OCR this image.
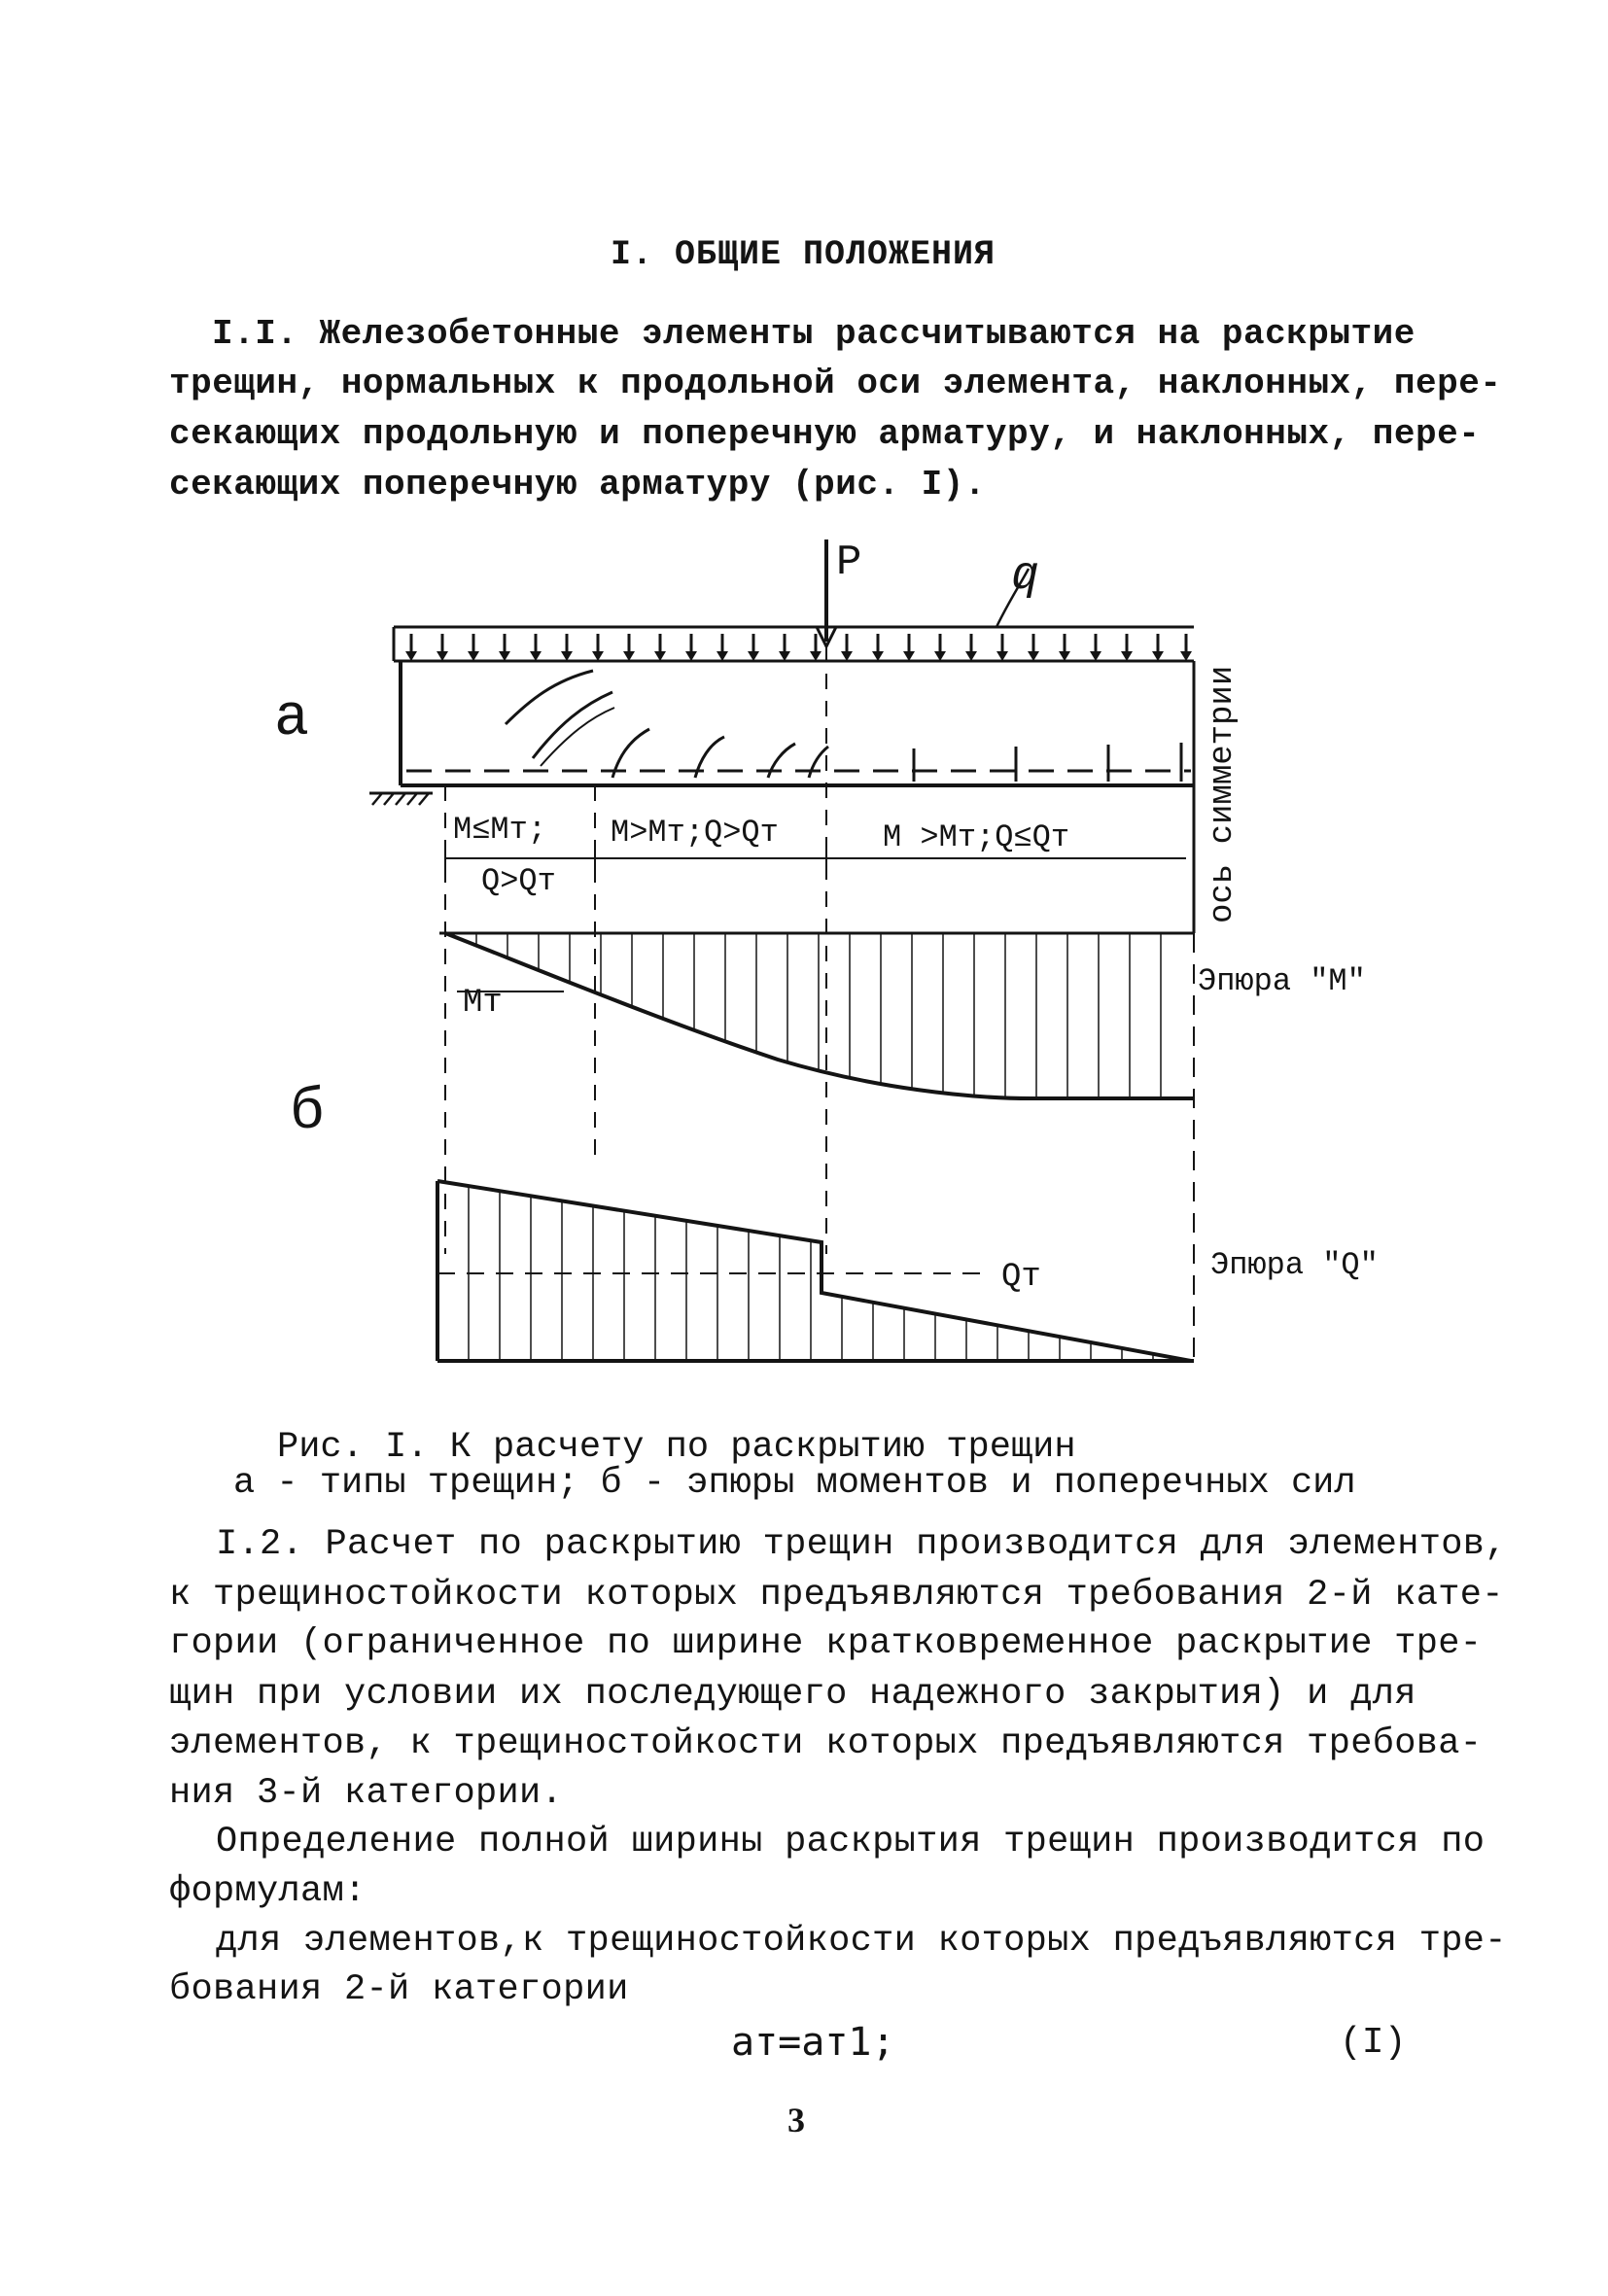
I. ОБЩИЕ ПОЛОЖЕНИЯ
I.I. Железобетонные элементы рассчитываются на раскрытие
трещин, нормальных к продольной оси элемента, наклонных, пере-
секающих продольную и поперечную арматуру, и наклонных, пере-
секающих поперечную арматуру (рис. I).
a
б
P	q
ось симметрии
M≤Mт;
Q>Qт
M>Mт;Q>Qт	M >Mт;Q≤Qт
Mт
Qт
Эпюра "M"
Эпюра "Q"
Рис. I. К расчету по раскрытию трещин
а - типы трещин; б - эпюры моментов и поперечных сил
I.2. Расчет по раскрытию трещин производится для элементов,
к трещиностойкости которых предъявляются требования 2-й кате-
гории (ограниченное по ширине кратковременное раскрытие тре-
щин при условии их последующего надежного закрытия) и для
элементов, к трещиностойкости которых предъявляются требова-
ния 3-й категории.
Определение полной ширины раскрытия трещин производится по
формулам:
для элементов,к трещиностойкости которых предъявляются тре-
бования 2-й категории
aт=aт1;	(I)
3
